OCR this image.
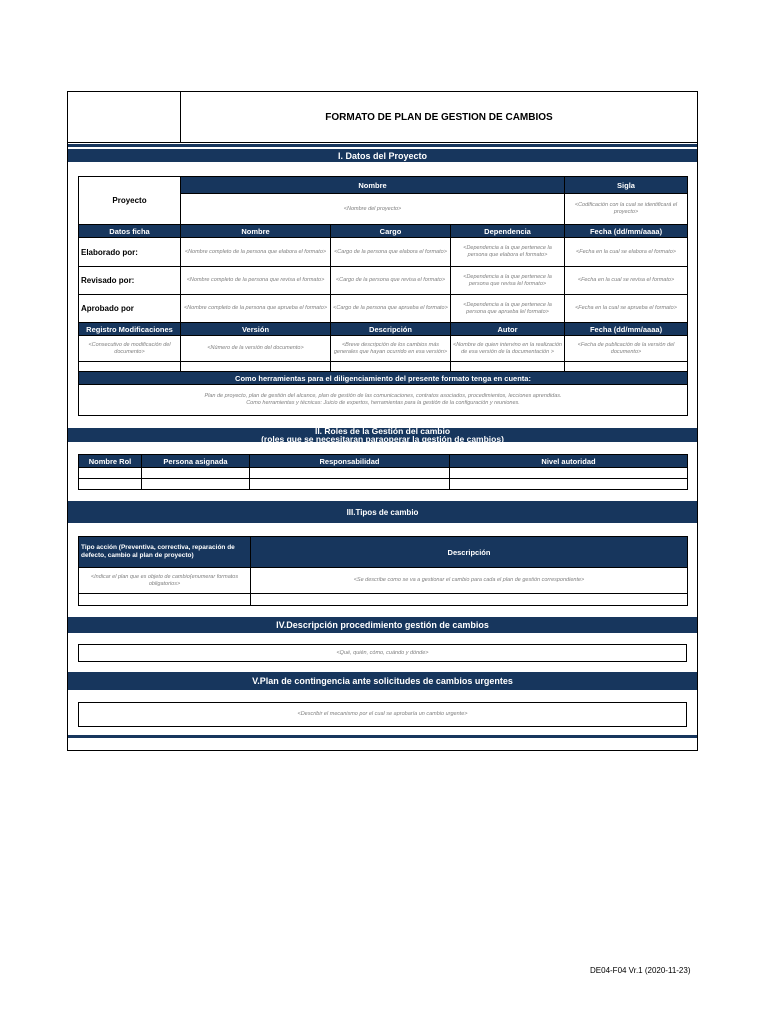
FORMATO DE PLAN DE GESTION DE CAMBIOS
I. Datos del Proyecto
Proyecto	Nombre			Sigla
	<Nombre del proyecto>			<Codificación con la cual se identificará el proyecto>
Datos ficha	Nombre	Cargo	Dependencia	Fecha (dd/mm/aaaa)
Elaborado por:	<Nombre completo de la persona que elabora el formato>	<Cargo de la persona que elabora el formato>	<Dependencia a la que pertenece la persona que elabora el formato>	<Fecha en la cual se elabora el formato>
Revisado por:	<Nombre completo de la persona que revisa el formato>	<Cargo de la persona que revisa el formato>	<Dependencia a la que pertenece la persona que revisa lel formato>	<Fecha en la cual se revisa el formato>
Aprobado por	<Nombre completo de la persona que aprueba el formato>	<Cargo de la persona que aprueba el formato>	<Dependencia a la que pertenece la persona que aprueba lel formato>	<Fecha en la cual se aprueba el formato>
Registro Modificaciones	Versión	Descripción	Autor	Fecha (dd/mm/aaaa)
<Consecutivo de modificación del documento>	<Número de la versión del documento>	<Breve descripción de los cambios más generales que hayan ocurrido en esa versión>	<Nombre de quien intervino en la realización de esa versión de la documentación >	<Fecha de publicación de la versión del documento>

Como herramientas para el diligenciamiento del presente formato tenga en cuenta:				

Plan de proyecto, plan de gestión del alcance, plan de gestión de las comunicaciones, contratos asociados, procedimientos, lecciones aprendidas.
Como herramientas y técnicas: Juicio de expertos, herramientas para la gestión de la configuración y reuniones.				
II. Roles de la Gestión del cambio
(roles que se necesitaran paraoperar la gestión de cambios)
Nombre Rol	Persona asignada	Responsabilidad	Nivel autoridad

III.Tipos de cambio
Tipo acción (Preventiva, correctiva, reparación de defecto, cambio al plan de proyecto)	Descripción
<Indicar el plan que es objeto de cambio(enumerar formatos obligatorios>	<Se describe como se va a gestionar el cambio para cada el plan de gestión correspondiente>

IV.Descripción procedimiento gestión de cambios
<Qué, quién, cómo, cuándo y dónde>
V.Plan de contingencia ante solicitudes de cambios urgentes
<Describir el mecanismo por el cual se aprobaría un cambio urgente>
DE04-F04 Vr.1 (2020-11-23)
